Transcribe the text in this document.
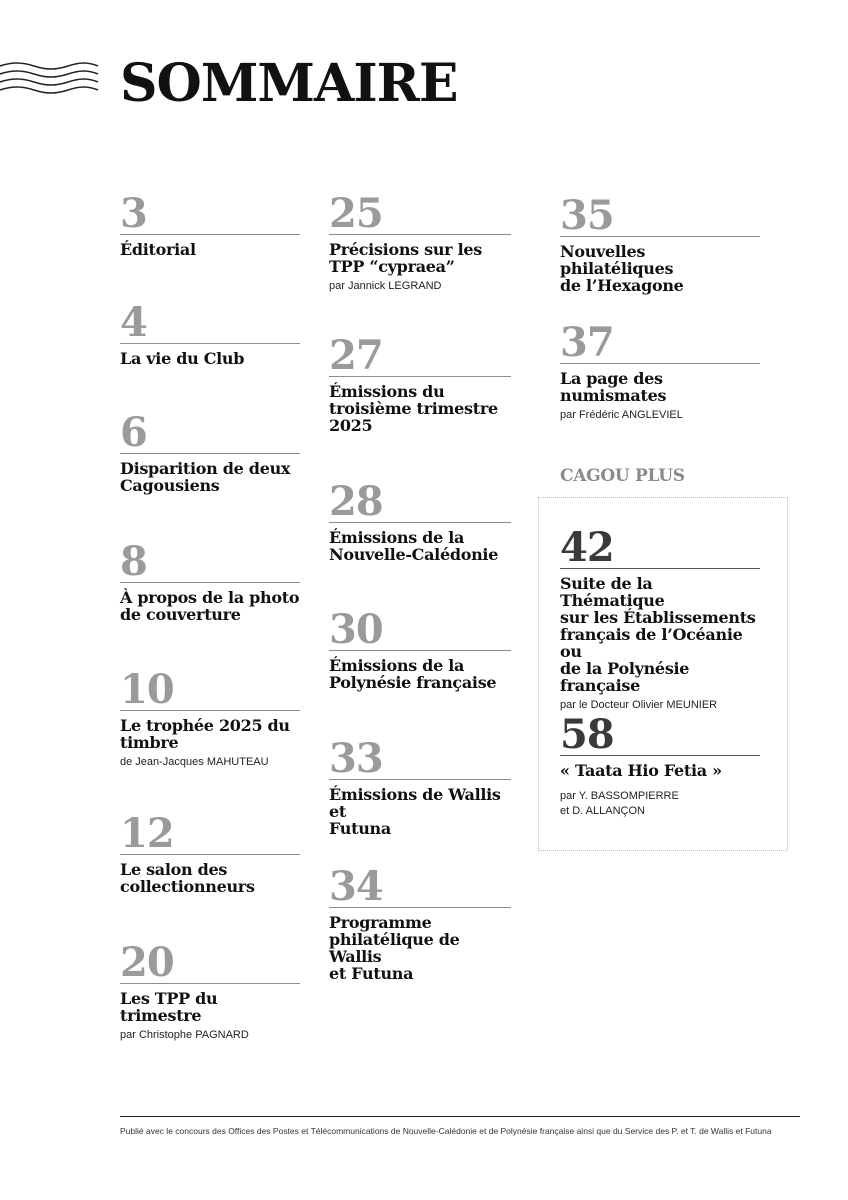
SOMMAIRE
3
Éditorial
4
La vie du Club
6
Disparition de deux
Cagousiens
8
À propos de la photo
de couverture
10
Le trophée 2025 du
timbre
de Jean-Jacques MAHUTEAU
12
Le salon des
collectionneurs
20
Les TPP du trimestre
par Christophe PAGNARD
25
Précisions sur les
TPP “cypraea”
par Jannick LEGRAND
27
Émissions du
troisième trimestre
2025
28
Émissions de la
Nouvelle-Calédonie
30
Émissions de la
Polynésie française
33
Émissions de Wallis et
Futuna
34
Programme
philatélique de Wallis
et Futuna
35
Nouvelles philatéliques
de l’Hexagone
37
La page des
numismates
par Frédéric ANGLEVIEL
CAGOU PLUS
42
Suite de la Thématique
sur les Établissements
français de l’Océanie ou
de la Polynésie française
par le Docteur Olivier MEUNIER
58
« Taata Hio Fetia »
par Y. BASSOMPIERRE
et D. ALLANÇON
Publié avec le concours des Offices des Postes et Télécommunications de Nouvelle-Calédonie et de Polynésie française ainsi que du Service des P. et T. de Wallis et Futuna
